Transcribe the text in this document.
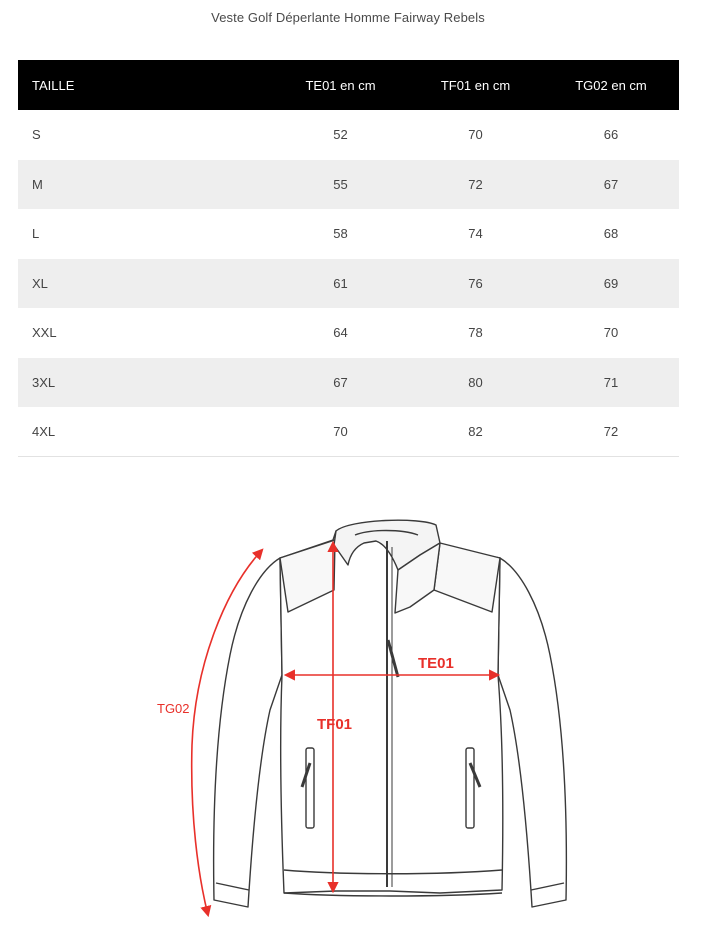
Veste Golf Déperlante Homme Fairway Rebels
TAILLE	TE01 en cm	TF01 en cm	TG02 en cm
S	52	70	66
M	55	72	67
L	58	74	68
XL	61	76	69
XXL	64	78	70
3XL	67	80	71
4XL	70	82	72
TE01
TF01
TG02
